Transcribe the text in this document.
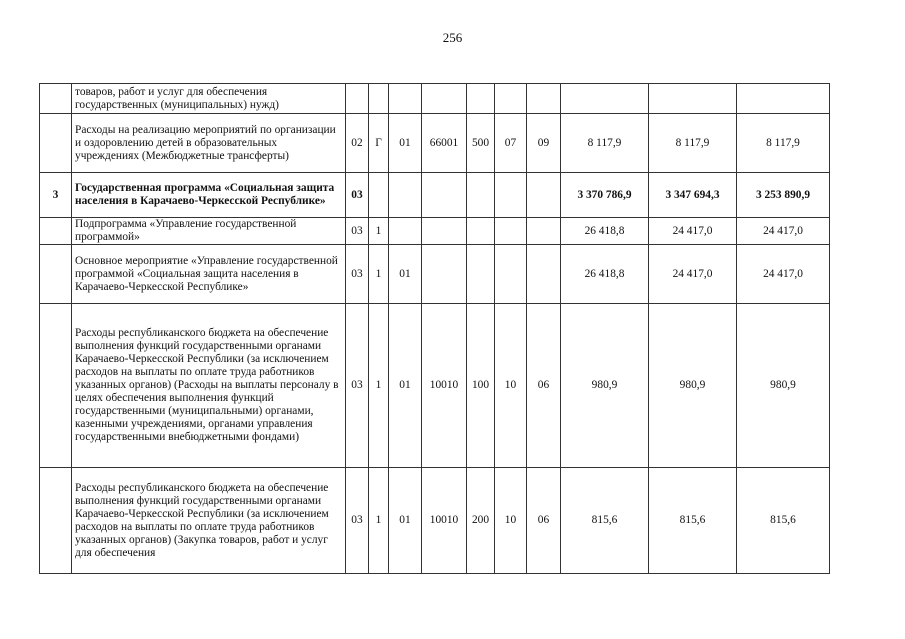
256
	товаров, работ и услуг для обеспечения государственных (муниципальных) нужд)										
	Расходы на реализацию мероприятий по организации и оздоровлению детей в образовательных учреждениях (Межбюджетные трансферты)	02	Г	01	66001	500	07	09	8 117,9	8 117,9	8 117,9
3	Государственная программа «Социальная защита населения в Карачаево-Черкесской Республике»	03							3 370 786,9	3 347 694,3	3 253 890,9
	Подпрограмма «Управление государственной программой»	03	1						26 418,8	24 417,0	24 417,0
	Основное мероприятие «Управление государственной программой «Социальная защита населения в Карачаево-Черкесской Республике»	03	1	01					26 418,8	24 417,0	24 417,0
	Расходы республиканского бюджета на обеспечение выполнения функций государственными органами Карачаево-Черкесской Республики (за исключением расходов на выплаты по оплате труда работников указанных органов) (Расходы на выплаты персоналу в целях обеспечения выполнения функций государственными (муниципальными) органами, казенными учреждениями, органами управления государственными внебюджетными фондами)	03	1	01	10010	100	10	06	980,9	980,9	980,9
	Расходы республиканского бюджета на обеспечение выполнения функций государственными органами Карачаево-Черкесской Республики (за исключением расходов на выплаты по оплате труда работников указанных органов) (Закупка товаров, работ и услуг для обеспечения	03	1	01	10010	200	10	06	815,6	815,6	815,6
